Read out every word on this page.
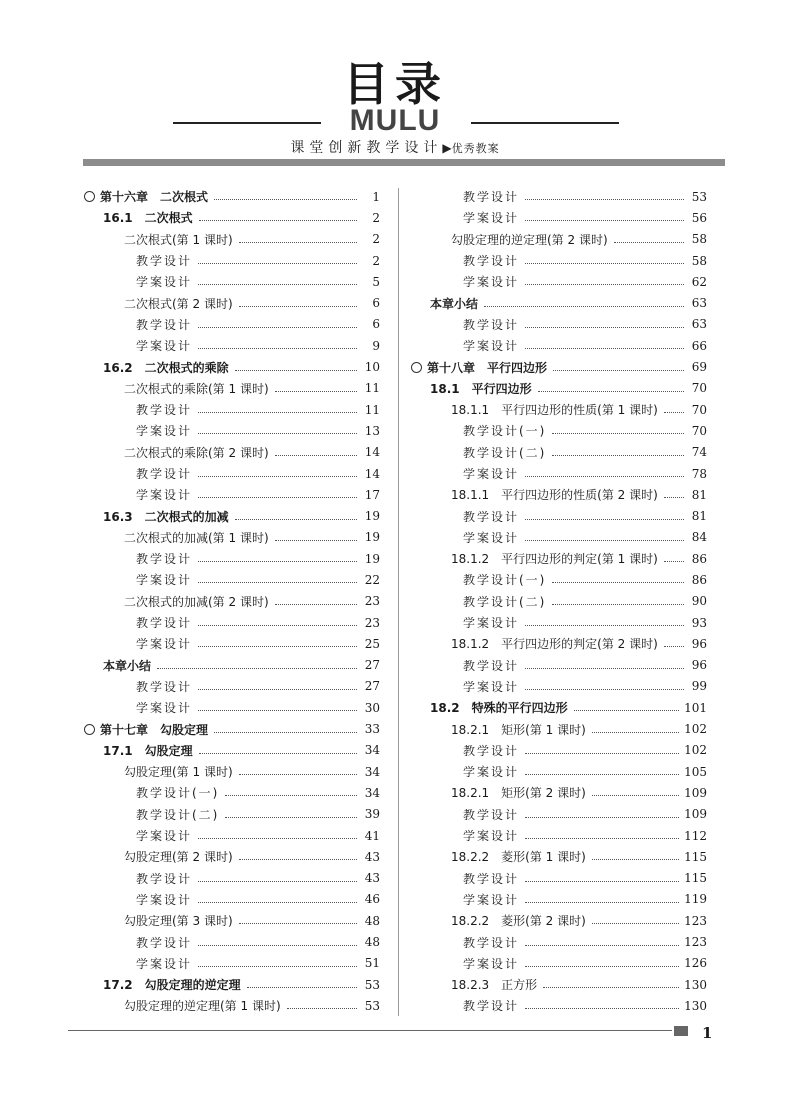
目录
MULU
课堂创新教学设计▶优秀教案
第十六章　二次根式	1
16.1　二次根式	2
二次根式(第 1 课时)	2
教学设计	2
学案设计	5
二次根式(第 2 课时)	6
教学设计	6
学案设计	9
16.2　二次根式的乘除	10
二次根式的乘除(第 1 课时)	11
教学设计	11
学案设计	13
二次根式的乘除(第 2 课时)	14
教学设计	14
学案设计	17
16.3　二次根式的加减	19
二次根式的加减(第 1 课时)	19
教学设计	19
学案设计	22
二次根式的加减(第 2 课时)	23
教学设计	23
学案设计	25
本章小结	27
教学设计	27
学案设计	30
第十七章　勾股定理	33
17.1　勾股定理	34
勾股定理(第 1 课时)	34
教学设计(一)	34
教学设计(二)	39
学案设计	41
勾股定理(第 2 课时)	43
教学设计	43
学案设计	46
勾股定理(第 3 课时)	48
教学设计	48
学案设计	51
17.2　勾股定理的逆定理	53
勾股定理的逆定理(第 1 课时)	53
教学设计	53
学案设计	56
勾股定理的逆定理(第 2 课时)	58
教学设计	58
学案设计	62
本章小结	63
教学设计	63
学案设计	66
第十八章　平行四边形	69
18.1　平行四边形	70
18.1.1　平行四边形的性质(第 1 课时)	70
教学设计(一)	70
教学设计(二)	74
学案设计	78
18.1.1　平行四边形的性质(第 2 课时)	81
教学设计	81
学案设计	84
18.1.2　平行四边形的判定(第 1 课时)	86
教学设计(一)	86
教学设计(二)	90
学案设计	93
18.1.2　平行四边形的判定(第 2 课时)	96
教学设计	96
学案设计	99
18.2　特殊的平行四边形	101
18.2.1　矩形(第 1 课时)	102
教学设计	102
学案设计	105
18.2.1　矩形(第 2 课时)	109
教学设计	109
学案设计	112
18.2.2　菱形(第 1 课时)	115
教学设计	115
学案设计	119
18.2.2　菱形(第 2 课时)	123
教学设计	123
学案设计	126
18.2.3　正方形	130
教学设计	130
1
